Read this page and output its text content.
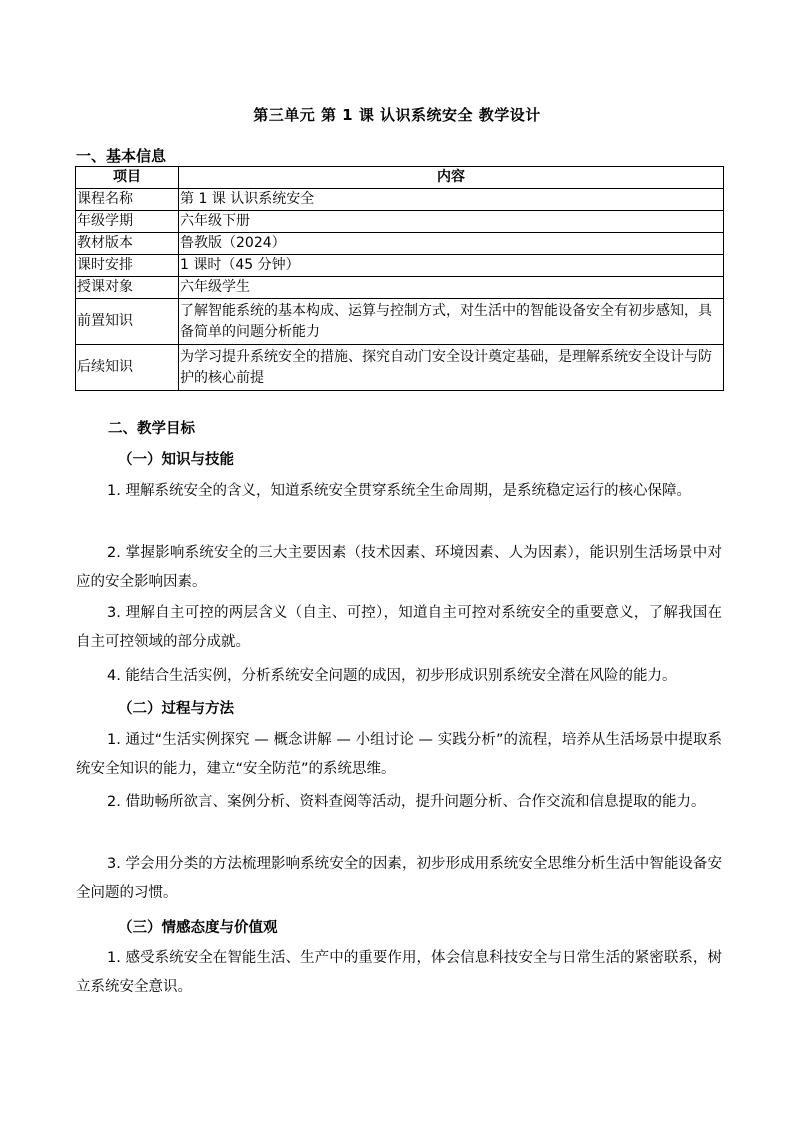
第三单元 第 1 课 认识系统安全 教学设计
一、基本信息
项目	内容
课程名称	第 1 课 认识系统安全
年级学期	六年级下册
教材版本	鲁教版（2024）
课时安排	1 课时（45 分钟）
授课对象	六年级学生
前置知识	了解智能系统的基本构成、运算与控制方式，对生活中的智能设备安全有初步感知，具备简单的问题分析能力
后续知识	为学习提升系统安全的措施、探究自动门安全设计奠定基础，是理解系统安全设计与防护的核心前提
二、教学目标
（一）知识与技能
1. 理解系统安全的含义，知道系统安全贯穿系统全生命周期，是系统稳定运行的核心保障。
2. 掌握影响系统安全的三大主要因素（技术因素、环境因素、人为因素），能识别生活场景中对应的安全影响因素。
3. 理解自主可控的两层含义（自主、可控），知道自主可控对系统安全的重要意义，了解我国在自主可控领域的部分成就。
4. 能结合生活实例，分析系统安全问题的成因，初步形成识别系统安全潜在风险的能力。
（二）过程与方法
1. 通过“生活实例探究 — 概念讲解 — 小组讨论 — 实践分析”的流程，培养从生活场景中提取系统安全知识的能力，建立“安全防范”的系统思维。
2. 借助畅所欲言、案例分析、资料查阅等活动，提升问题分析、合作交流和信息提取的能力。
3. 学会用分类的方法梳理影响系统安全的因素，初步形成用系统安全思维分析生活中智能设备安全问题的习惯。
（三）情感态度与价值观
1. 感受系统安全在智能生活、生产中的重要作用，体会信息科技安全与日常生活的紧密联系，树立系统安全意识。
